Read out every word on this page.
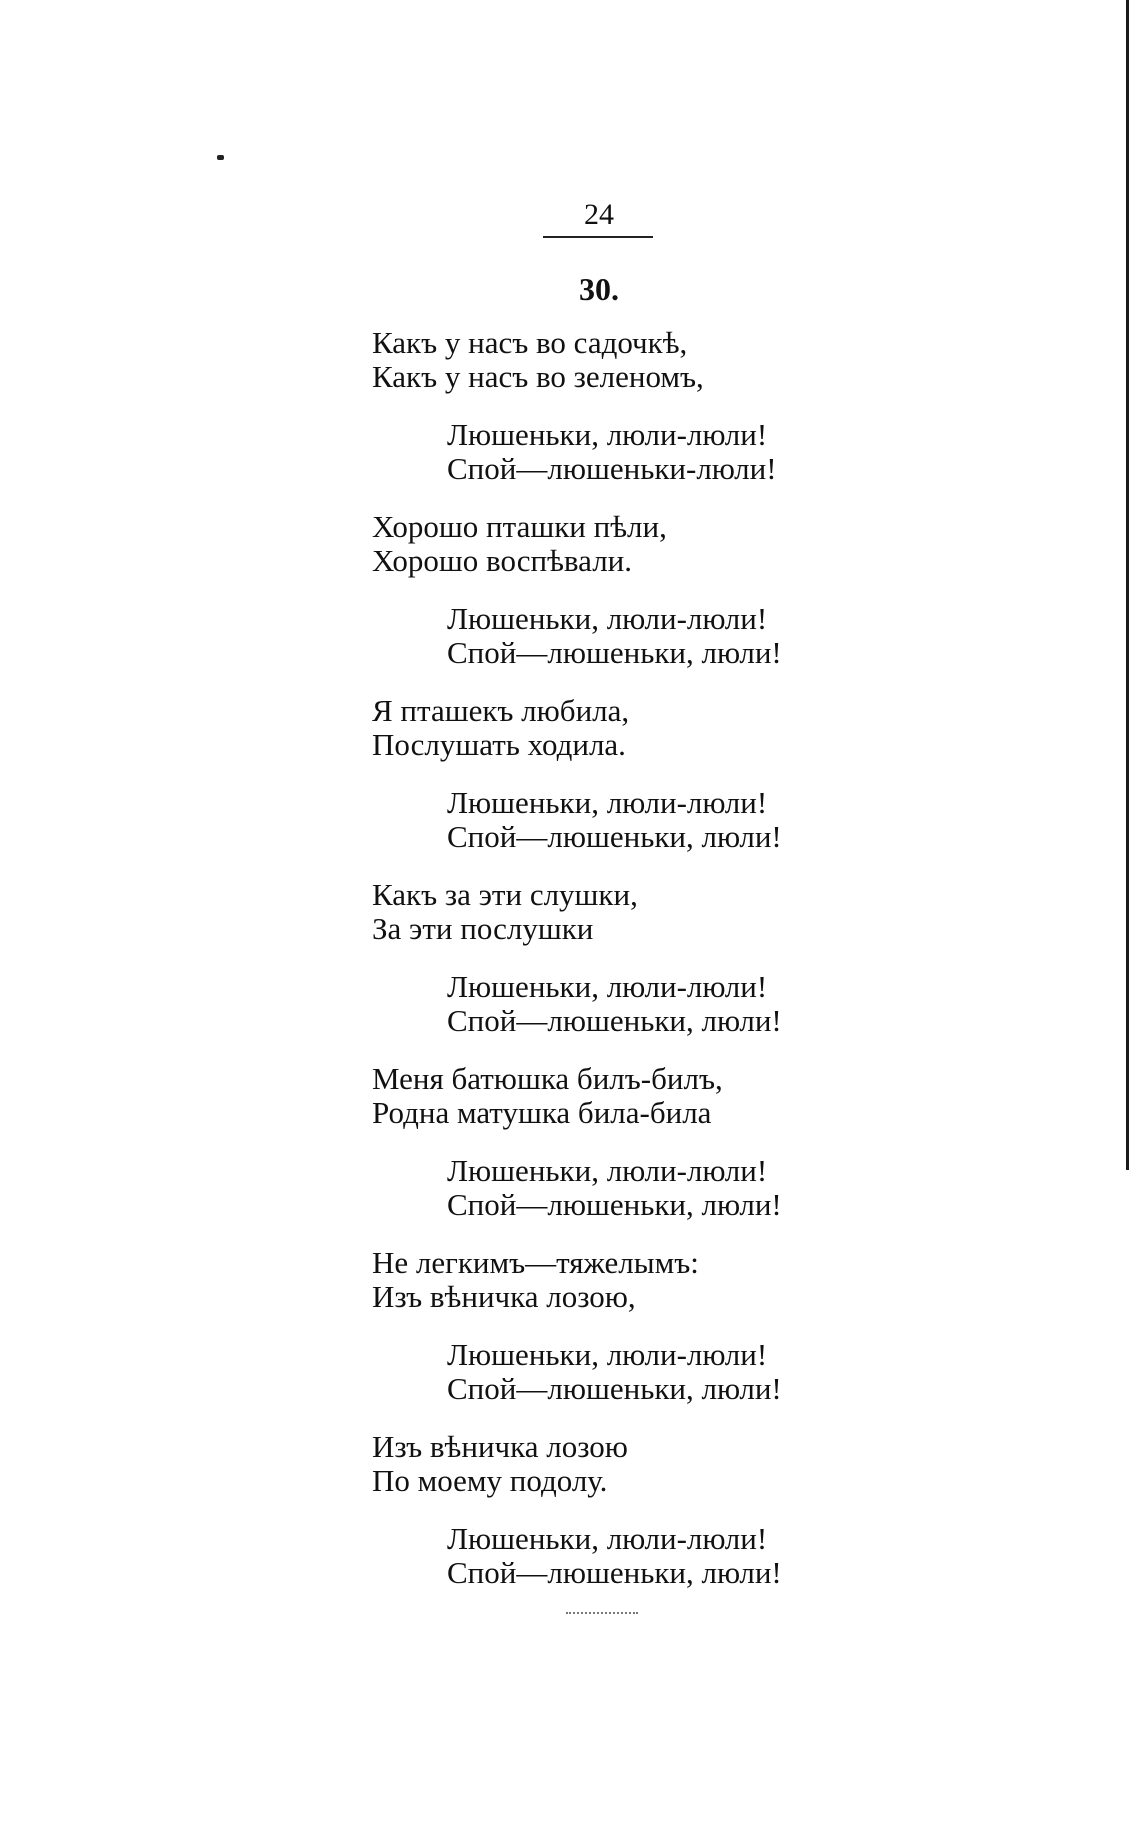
24
30.
Какъ у насъ во садочкѣ,
Какъ у насъ во зеленомъ,
Люшеньки, люли-люли!
Спой—люшеньки-люли!
Хорошо пташки пѣли,
Хорошо воспѣвали.
Люшеньки, люли-люли!
Спой—люшеньки, люли!
Я пташекъ любила,
Послушать ходила.
Люшеньки, люли-люли!
Спой—люшеньки, люли!
Какъ за эти слушки,
За эти послушки
Люшеньки, люли-люли!
Спой—люшеньки, люли!
Меня батюшка билъ-билъ,
Родна матушка била-била
Люшеньки, люли-люли!
Спой—люшеньки, люли!
Не легкимъ—тяжелымъ:
Изъ вѣничка лозою,
Люшеньки, люли-люли!
Спой—люшеньки, люли!
Изъ вѣничка лозою
По моему подолу.
Люшеньки, люли-люли!
Спой—люшеньки, люли!
